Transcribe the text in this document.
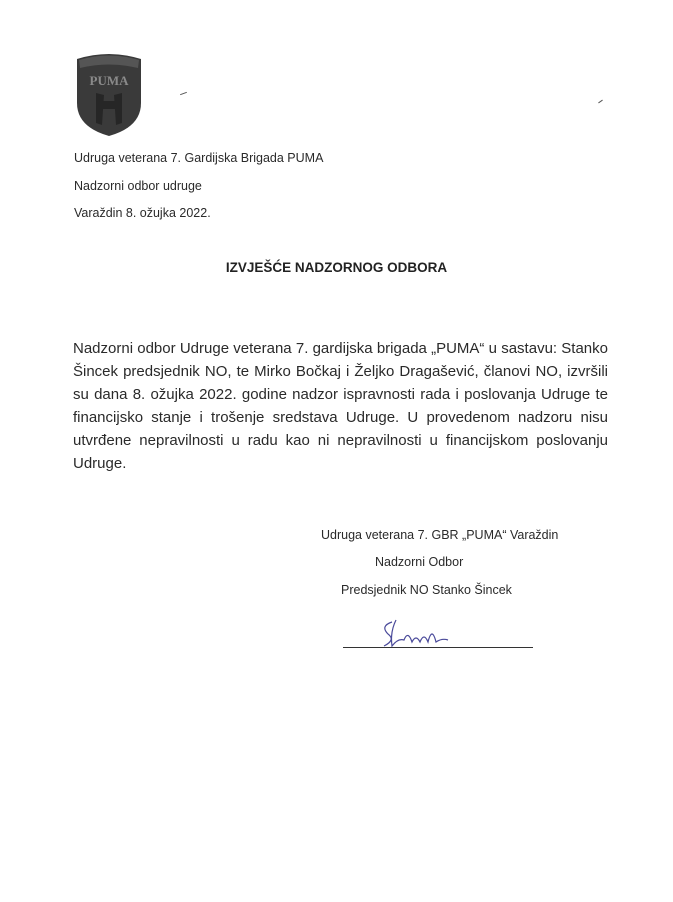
PUMA
Udruga veterana 7. Gardijska Brigada PUMA
Nadzorni odbor udruge
Varaždin 8. ožujka 2022.
IZVJEŠĆE NADZORNOG ODBORA
Nadzorni odbor Udruge veterana 7. gardijska brigada „PUMA“ u sastavu: Stanko
Šincek predsjednik NO, te Mirko Bočkaj i Željko Dragašević, članovi NO, izvršili
su dana 8. ožujka 2022. godine nadzor ispravnosti rada i poslovanja Udruge te
financijsko stanje i trošenje sredstava Udruge. U provedenom nadzoru nisu
utvrđene nepravilnosti u radu kao ni nepravilnosti u financijskom poslovanju
Udruge.
Udruga veterana 7. GBR „PUMA“ Varaždin
Nadzorni Odbor
Predsjednik NO Stanko Šincek
